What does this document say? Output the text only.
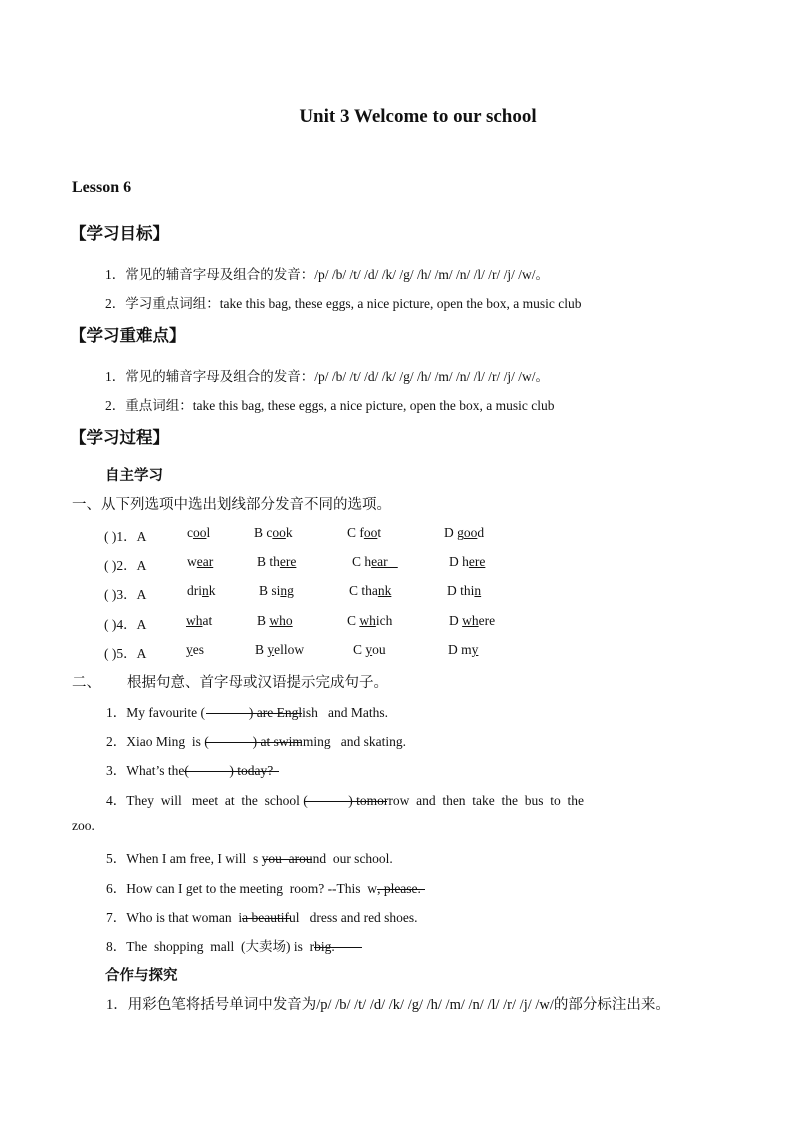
Unit 3 Welcome to our school
Lesson 6
【学习目标】
1．常见的辅音字母及组合的发音：/p/ /b/ /t/ /d/ /k/ /g/ /h/ /m/ /n/ /l/ /r/ /j/ /w/。
2．学习重点词组：take this bag, these eggs, a nice picture, open the box, a music club
【学习重难点】
1．常见的辅音字母及组合的发音：/p/ /b/ /t/ /d/ /k/ /g/ /h/ /m/ /n/ /l/ /r/ /j/ /w/。
2．重点词组：take this bag, these eggs, a nice picture, open the box, a music club
【学习过程】
自主学习
一、从下列选项中选出划线部分发音不同的选项。
( )1．A	cool	B cook	C foot	D good
( )2．A	wear	B there	C hear	D here
( )3．A	drink	B sing	C thank	D thin
( )4．A	what	B who	C which	D where
( )5．A	yes	B yellow	C you	D my
二、 根据句意、首字母或汉语提示完成句子。
1．My favourite (             ) are English   and Maths.
2．Xiao Ming  is (             ) at swimming   and skating.
3．What’s the
(            ) today?
4．They  will   meet  at  the  school (            ) tomorrow  and  then  take  the  bus  to  the
zoo.
5．When I am free, I will  s you  around  our school.
6．How can I get to the meeting  room? --This  w
, please.
7．Who is that woman  i
a beautiful   dress and red shoes.
8．The  shopping  mall  (大卖场) is  r
big.
合作与探究
1．用彩色笔将括号单词中发音为/p/ /b/ /t/ /d/ /k/ /g/ /h/ /m/ /n/ /l/ /r/ /j/ /w/的部分标注出来。
